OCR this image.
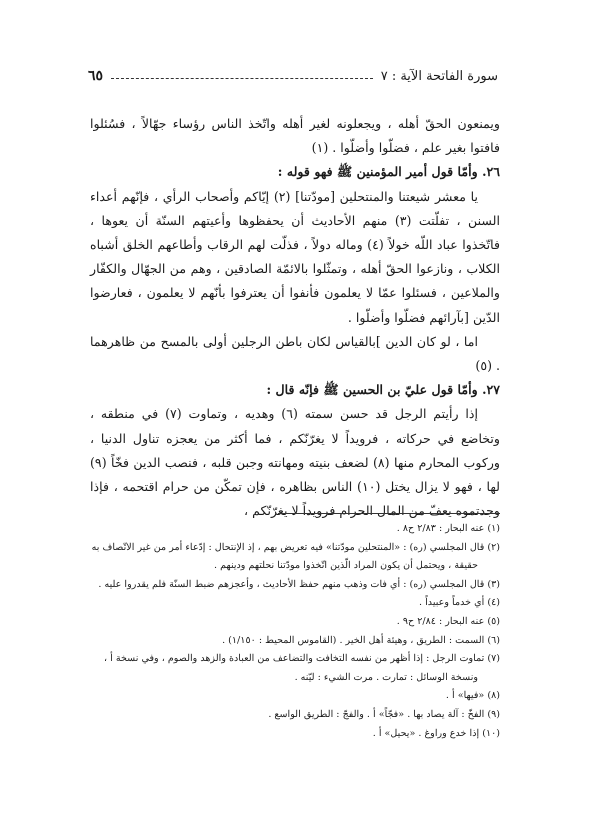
سورة الفاتحة الآية : ٧
٦٥

ويمنعون الحقّ أهله ، ويجعلونه لغير أهله واتّخذ الناس رؤساء جهّالاً ، فسُئلوا فافتوا بغير علم ، فضلّوا وأضلّوا . (١)

٢٦. وأمّا قول أمير المؤمنين ﷺ فهو قوله :

يا معشر شيعتنا والمنتحلين [مودّتنا] (٢) إيّاكم وأصحاب الرأي ، فإنّهم أعداء السنن ، تفلّتت (٣) منهم الأحاديث أن يحفظوها وأعيتهم السنّة أن يعوها ، فاتّخذوا عباد اللّه خولاً (٤) وماله دولاً ، فذلّت لهم الرقاب وأطاعهم الخلق أشباه الكلاب ، ونازعوا الحقّ أهله ، وتمثّلوا بالائمّة الصادقين ، وهم من الجهّال والكفّار والملاعين ، فسئلوا عمّا لا يعلمون فأنفوا أن يعترفوا بأنّهم لا يعلمون ، فعارضوا الدّين [بآرائهم فضلّوا وأضلّوا .

اما ، لو كان الدين ]بالقياس لكان باطن الرجلين أولى بالمسح من ظاهرهما . (٥)

٢٧. وأمّا قول عليّ بن الحسين ﷺ فإنّه قال :

إذا رأيتم الرجل قد حسن سمته (٦) وهديه ، وتماوت (٧) في منطقه ، وتخاضع في حركاته ، فرويداً لا يغرّنّكم ، فما أكثر من يعجزه تناول الدنيا ، وركوب المحارم منها (٨) لضعف بنيته ومهانته وجبن قلبه ، فنصب الدين فخّاً (٩) لها ، فهو لا يزال يختل (١٠) الناس بظاهره ، فإن تمكّن من حرام اقتحمه ، فإذا وجدتموه يعفّ من المال الحرام فرويداً لا يغرّنّكم ،

(١) عنه البحار : ٢/٨٣ ح٨ .

(٢) قال المجلسي (ره) : «المنتحلين مودّتنا» فيه تعريض بهم ، إذ الإنتحال : إدّعاء أمر من غير الاتّصاف به

حقيقة ، ويحتمل أن يكون المراد الّذين اتّخذوا مودّتنا نحلتهم ودينهم .

(٣) قال المجلسي (ره) : أي فات وذهب منهم حفظ الأحاديث ، وأعجزهم ضبط السنّة فلم يقدروا عليه .

(٤) أي خدماً وعبيداً .

(٥) عنه البحار : ٢/٨٤ ح٩ .

(٦) السمت : الطريق ، وهيئة أهل الخير . (القاموس المحيط : ١/١٥٠) .

(٧) تماوت الرجل : إذا أظهر من نفسه التخافت والتضاعف من العبادة والزهد والصوم ، وفي نسخة أ ،

ونسخة الوسائل : تمارت . مرت الشيء : ليّنه .

(٨) «فيها» أ .

(٩) الفخّ : آلة يصاد بها . «فجّاً» أ . والفجّ : الطريق الواسع .

(١٠) إذا خدع وراوغ . «يحيل» أ .
